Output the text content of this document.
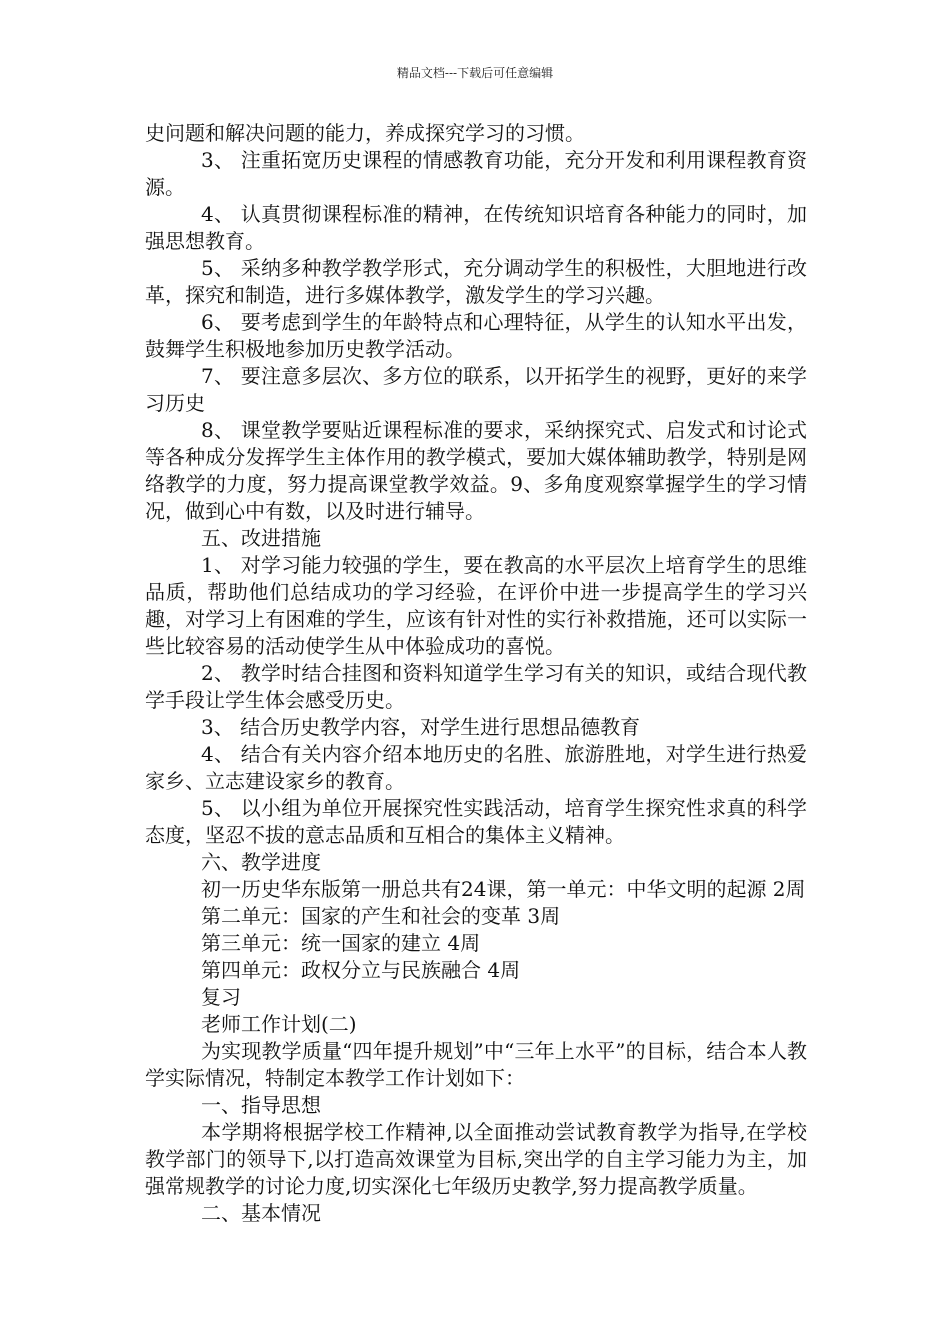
精品文档---下载后可任意编辑

史问题和解决问题的能力，养成探究学习的习惯。

3、 注重拓宽历史课程的情感教育功能，充分开发和利用课程教育资源。

4、 认真贯彻课程标准的精神，在传统知识培育各种能力的同时，加强思想教育。

5、 采纳多种教学教学形式，充分调动学生的积极性，大胆地进行改革，探究和制造，进行多媒体教学，激发学生的学习兴趣。

6、 要考虑到学生的年龄特点和心理特征，从学生的认知水平出发，鼓舞学生积极地参加历史教学活动。

7、 要注意多层次、多方位的联系，以开拓学生的视野，更好的来学习历史

8、 课堂教学要贴近课程标准的要求，采纳探究式、启发式和讨论式等各种成分发挥学生主体作用的教学模式，要加大媒体辅助教学，特别是网络教学的力度，努力提高课堂教学效益。9、多角度观察掌握学生的学习情况，做到心中有数，以及时进行辅导。

五、改进措施

1、 对学习能力较强的学生，要在教高的水平层次上培育学生的思维品质，帮助他们总结成功的学习经验，在评价中进一步提高学生的学习兴趣，对学习上有困难的学生，应该有针对性的实行补救措施，还可以实际一些比较容易的活动使学生从中体验成功的喜悦。

2、 教学时结合挂图和资料知道学生学习有关的知识，或结合现代教学手段让学生体会感受历史。

3、 结合历史教学内容，对学生进行思想品德教育

4、 结合有关内容介绍本地历史的名胜、旅游胜地，对学生进行热爱家乡、立志建设家乡的教育。

5、 以小组为单位开展探究性实践活动，培育学生探究性求真的科学态度，坚忍不拔的意志品质和互相合的集体主义精神。

六、教学进度

初一历史华东版第一册总共有24课，第一单元：中华文明的起源 2周

第二单元：国家的产生和社会的变革 3周

第三单元：统一国家的建立 4周

第四单元：政权分立与民族融合 4周

复习

老师工作计划(二)

为实现教学质量“四年提升规划”中“三年上水平”的目标，结合本人教学实际情况，特制定本教学工作计划如下：

一、指导思想

本学期将根据学校工作精神,以全面推动尝试教育教学为指导,在学校教学部门的领导下,以打造高效课堂为目标,突出学的自主学习能力为主，加强常规教学的讨论力度,切实深化七年级历史教学,努力提高教学质量。

二、基本情况
